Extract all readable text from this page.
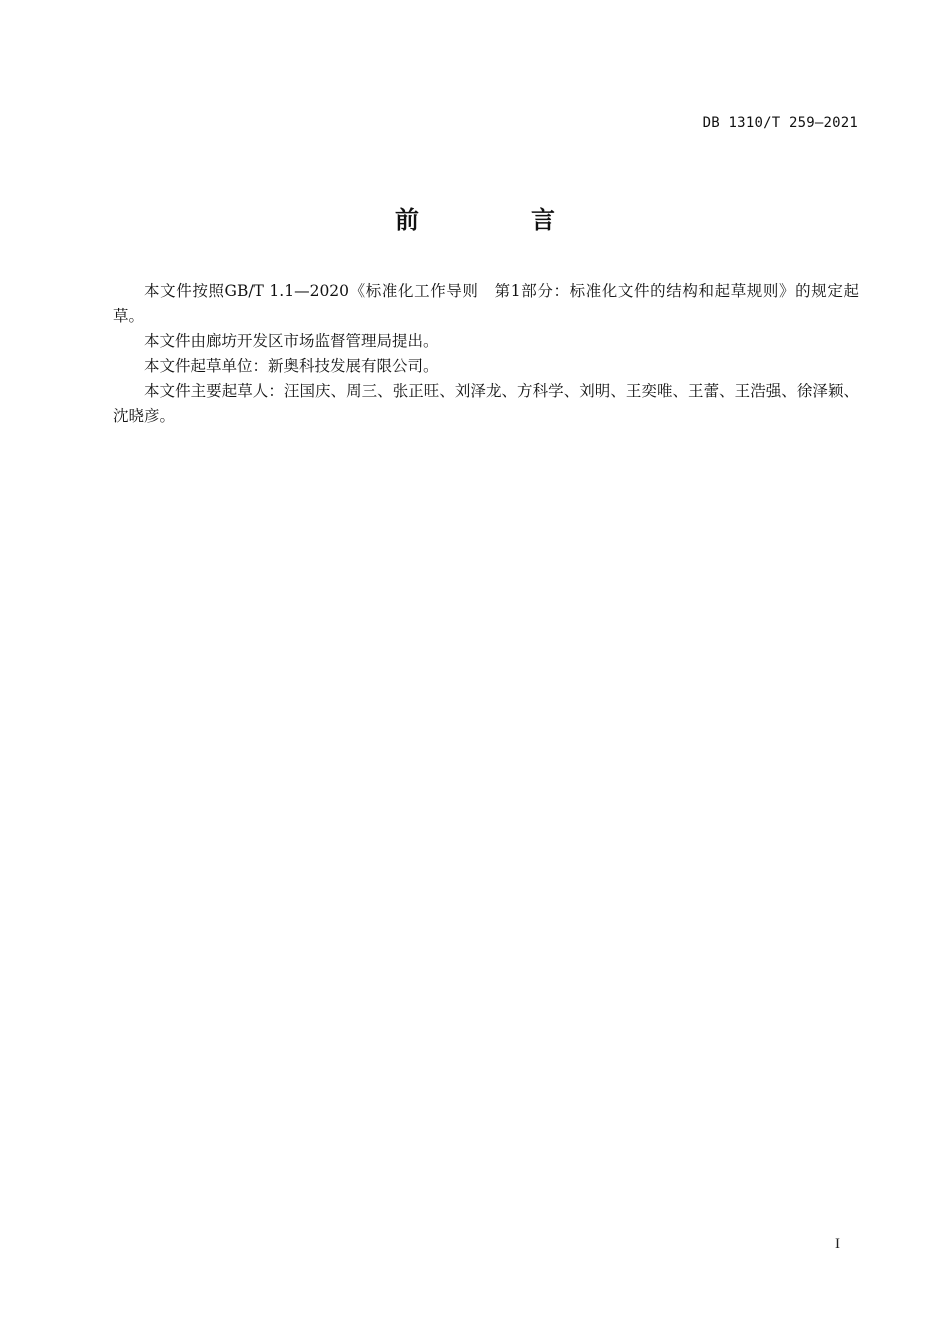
DB 1310/T 259—2021
前　言

本文件按照GB/T 1.1—2020《标准化工作导则　第1部分：标准化文件的结构和起草规则》的规定起草。

本文件由廊坊开发区市场监督管理局提出。

本文件起草单位：新奥科技发展有限公司。

本文件主要起草人：汪国庆、周三、张正旺、刘泽龙、方科学、刘明、王奕唯、王蕾、王浩强、徐泽颖、沈晓彦。

I
